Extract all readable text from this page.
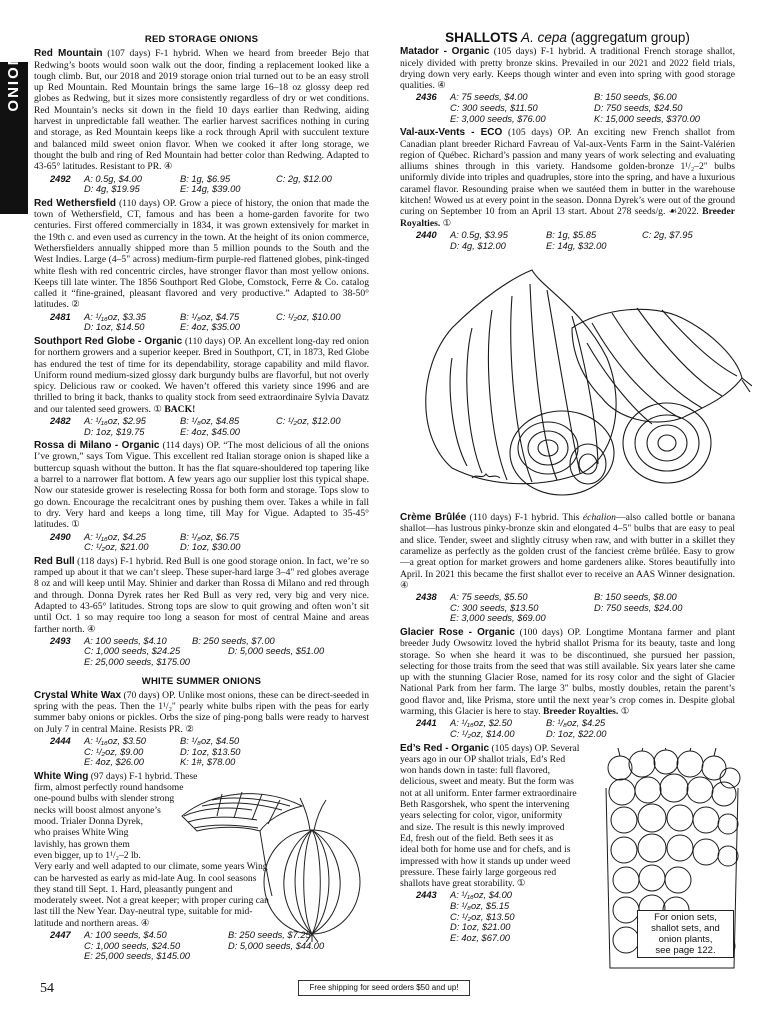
ONIONS
RED STORAGE ONIONS

Red Mountain (107 days) F-1 hybrid. When we heard from breeder Bejo that Redwing’s boots would soon walk out the door, finding a replacement looked like a tough climb. But, our 2018 and 2019 storage onion trial turned out to be an easy stroll up Red Mountain. Red Mountain brings the same large 16–18 oz glossy deep red globes as Redwing, but it sizes more consistently regardless of dry or wet conditions. Red Mountain’s necks sit down in the field 10 days earlier than Redwing, aiding harvest in unpredictable fall weather. The earlier harvest sacrifices nothing in curing and storage, as Red Mountain keeps like a rock through April with succulent texture and balanced mild sweet onion flavor. When we cooked it after long storage, we thought the bulb and ring of Red Mountain had better color than Redwing. Adapted to 43-65° latitudes. Resistant to PR. ④

2492	A: 0.5g, $4.00	B: 1g, $6.95	C: 2g, $12.00
D: 4g, $19.95	E: 14g, $39.00

Red Wethersfield (110 days) OP. Grow a piece of history, the onion that made the town of Wethersfield, CT, famous and has been a home-garden favorite for two centuries. First offered commercially in 1834, it was grown extensively for market in the 19th c. and even used as currency in the town. At the height of its onion commerce, Wethersfielders annually shipped more than 5 million pounds to the South and the West Indies. Large (4–5" across) medium-firm purple-red flattened globes, pink-tinged white flesh with red concentric circles, have stronger flavor than most yellow onions. Keeps till late winter. The 1856 Southport Red Globe, Comstock, Ferre & Co. catalog called it “fine-grained, pleasant flavored and very productive.” Adapted to 38-50° latitudes. ②

2481	A: ¹/₁₆oz, $3.35	B: ¹/₈oz, $4.75	C: ¹/₂oz, $10.00
D: 1oz, $14.50	E: 4oz, $35.00

Southport Red Globe - Organic (110 days) OP. An excellent long-day red onion for northern growers and a superior keeper. Bred in Southport, CT, in 1873, Red Globe has endured the test of time for its dependability, storage capability and mild flavor. Uniform round medium-sized glossy dark burgundy bulbs are flavorful, but not overly spicy. Delicious raw or cooked. We haven’t offered this variety since 1996 and are thrilled to bring it back, thanks to quality stock from seed extraordinaire Sylvia Davatz and our talented seed growers. ① BACK!

2482	A: ¹/₁₆oz, $2.95	B: ¹/₈oz, $4.85	C: ¹/₂oz, $12.00
D: 1oz, $19.75	E: 4oz, $45.00

Rossa di Milano - Organic (114 days) OP. “The most delicious of all the onions I’ve grown,” says Tom Vigue. This excellent red Italian storage onion is shaped like a buttercup squash without the button. It has the flat square-shouldered top tapering like a barrel to a narrower flat bottom. A few years ago our supplier lost this typical shape. Now our stateside grower is reselecting Rossa for both form and storage. Tops slow to go down. Encourage the recalcitrant ones by pushing them over. Takes a while in fall to dry. Very hard and keeps a long time, till May for Vigue. Adapted to 35-45° latitudes. ①

2490	A: ¹/₁₆oz, $4.25	B: ¹/₈oz, $6.75
C: ¹/₂oz, $21.00	D: 1oz, $30.00

Red Bull (118 days) F-1 hybrid. Red Bull is one good storage onion. In fact, we’re so ramped up about it that we can’t sleep. These super-hard large 3–4" red globes average 8 oz and will keep until May. Shinier and darker than Rossa di Milano and red through and through. Donna Dyrek rates her Red Bull as very red, very big and very nice. Adapted to 43-65° latitudes. Strong tops are slow to quit growing and often won’t sit until Oct. 1 so may require too long a season for most of central Maine and areas farther north. ④

2493	A: 100 seeds, $4.10	B: 250 seeds, $7.00
C: 1,000 seeds, $24.25	D: 5,000 seeds, $51.00
E: 25,000 seeds, $175.00
WHITE SUMMER ONIONS

Crystal White Wax (70 days) OP. Unlike most onions, these can be direct-seeded in spring with the peas. Then the 1¹/₂" pearly white bulbs ripen with the peas for early summer baby onions or pickles. Orbs the size of ping-pong balls were ready to harvest on July 7 in central Maine. Resists PR. ②

2444	A: ¹/₁₆oz, $3.50	B: ¹/₈oz, $4.50
C: ¹/₂oz, $9.00	D: 1oz, $13.50
E: 4oz, $26.00	K: 1#, $78.00
White Wing (97 days) F-1 hybrid. These
firm, almost perfectly round handsome
one-pound bulbs with slender strong
necks will boost almost anyone’s
mood. Trialer Donna Dyrek,
who praises White Wing
lavishly, has grown them
even bigger, up to 1¹/₂–2 lb.

Very early and well adapted to our climate, some years Wing can be harvested as early as mid-late Aug. In cool seasons they stand till Sept. 1. Hard, pleasantly pungent and moderately sweet. Not a great keeper; with proper curing can last till the New Year. Day-neutral type, suitable for mid-latitude and northern areas. ④

2447	A: 100 seeds, $4.50	B: 250 seeds, $7.25
C: 1,000 seeds, $24.50	D: 5,000 seeds, $44.00
E: 25,000 seeds, $145.00
SHALLOTS A. cepa (aggregatum group)

Matador - Organic (105 days) F-1 hybrid. A traditional French storage shallot, nicely divided with pretty bronze skins. Prevailed in our 2021 and 2022 field trials, drying down very early. Keeps though winter and even into spring with good storage qualities. ④

2436	A: 75 seeds, $4.00	B: 150 seeds, $6.00
C: 300 seeds, $11.50	D: 750 seeds, $24.50
E: 3,000 seeds, $76.00	K: 15,000 seeds, $370.00

Val-aux-Vents - ECO (105 days) OP. An exciting new French shallot from Canadian plant breeder Richard Favreau of Val-aux-Vents Farm in the Saint-Valérien region of Québec. Richard’s passion and many years of work selecting and evaluating alliums shines through in this variety. Handsome golden-bronze 1¹/₂–2" bulbs uniformly divide into triples and quadruples, store into the spring, and have a luxurious caramel flavor. Resounding praise when we sautéed them in butter in the warehouse kitchen! Wowed us at every point in the season. Donna Dyrek’s were out of the ground curing on September 10 from an April 13 start. About 278 seeds/g. ☙2022. Breeder Royalties. ①

2440	A: 0.5g, $3.95	B: 1g, $5.85	C: 2g, $7.95
D: 4g, $12.00	E: 14g, $32.00

Crème Brûlée (110 days) F-1 hybrid. This échalion—also called bottle or banana shallot—has lustrous pinky-bronze skin and elongated 4–5" bulbs that are easy to peal and slice. Tender, sweet and slightly citrusy when raw, and with butter in a skillet they caramelize as perfectly as the golden crust of the fanciest crème brûlée. Easy to grow—a great option for market growers and home gardeners alike. Stores beautifully into April. In 2021 this became the first shallot ever to receive an AAS Winner designation. ④

2438	A: 75 seeds, $5.50	B: 150 seeds, $8.00
C: 300 seeds, $13.50	D: 750 seeds, $24.00
E: 3,000 seeds, $69.00

Glacier Rose - Organic (100 days) OP. Longtime Montana farmer and plant breeder Judy Owsowitz loved the hybrid shallot Prisma for its beauty, taste and long storage. So when she heard it was to be discontinued, she pursued her passion, selecting for those traits from the seed that was still available. Six years later she came up with the stunning Glacier Rose, named for its rosy color and the sight of Glacier National Park from her farm. The large 3" bulbs, mostly doubles, retain the parent’s good flavor and, like Prisma, store until the next year’s crop comes in. Despite global warming, this Glacier is here to stay. Breeder Royalties. ①

2441	A: ¹/₁₆oz, $2.50	B: ¹/₈oz, $4.25
C: ¹/₂oz, $14.00	D: 1oz, $22.00
Ed’s Red - Organic (105 days) OP. Several
years ago in our OP shallot trials, Ed’s Red
won hands down in taste: full flavored,
delicious, sweet and meaty. But the form was
not at all uniform. Enter farmer extraordinaire
Beth Rasgorshek, who spent the intervening
years selecting for color, vigor, uniformity
and size. The result is this newly improved
Ed, fresh out of the field. Beth sees it as
ideal both for home use and for chefs, and is
impressed with how it stands up under weed
pressure. These fairly large gorgeous red
shallots have great storability. ①
2443	A: ¹/₁₆oz, $4.00
B: ¹/₈oz, $5.15
C: ¹/₂oz, $13.50
D: 1oz, $21.00
E: 4oz, $67.00
For onion sets,
shallot sets, and
onion plants,
see page 122.
54	Free shipping for seed orders $50 and up!
